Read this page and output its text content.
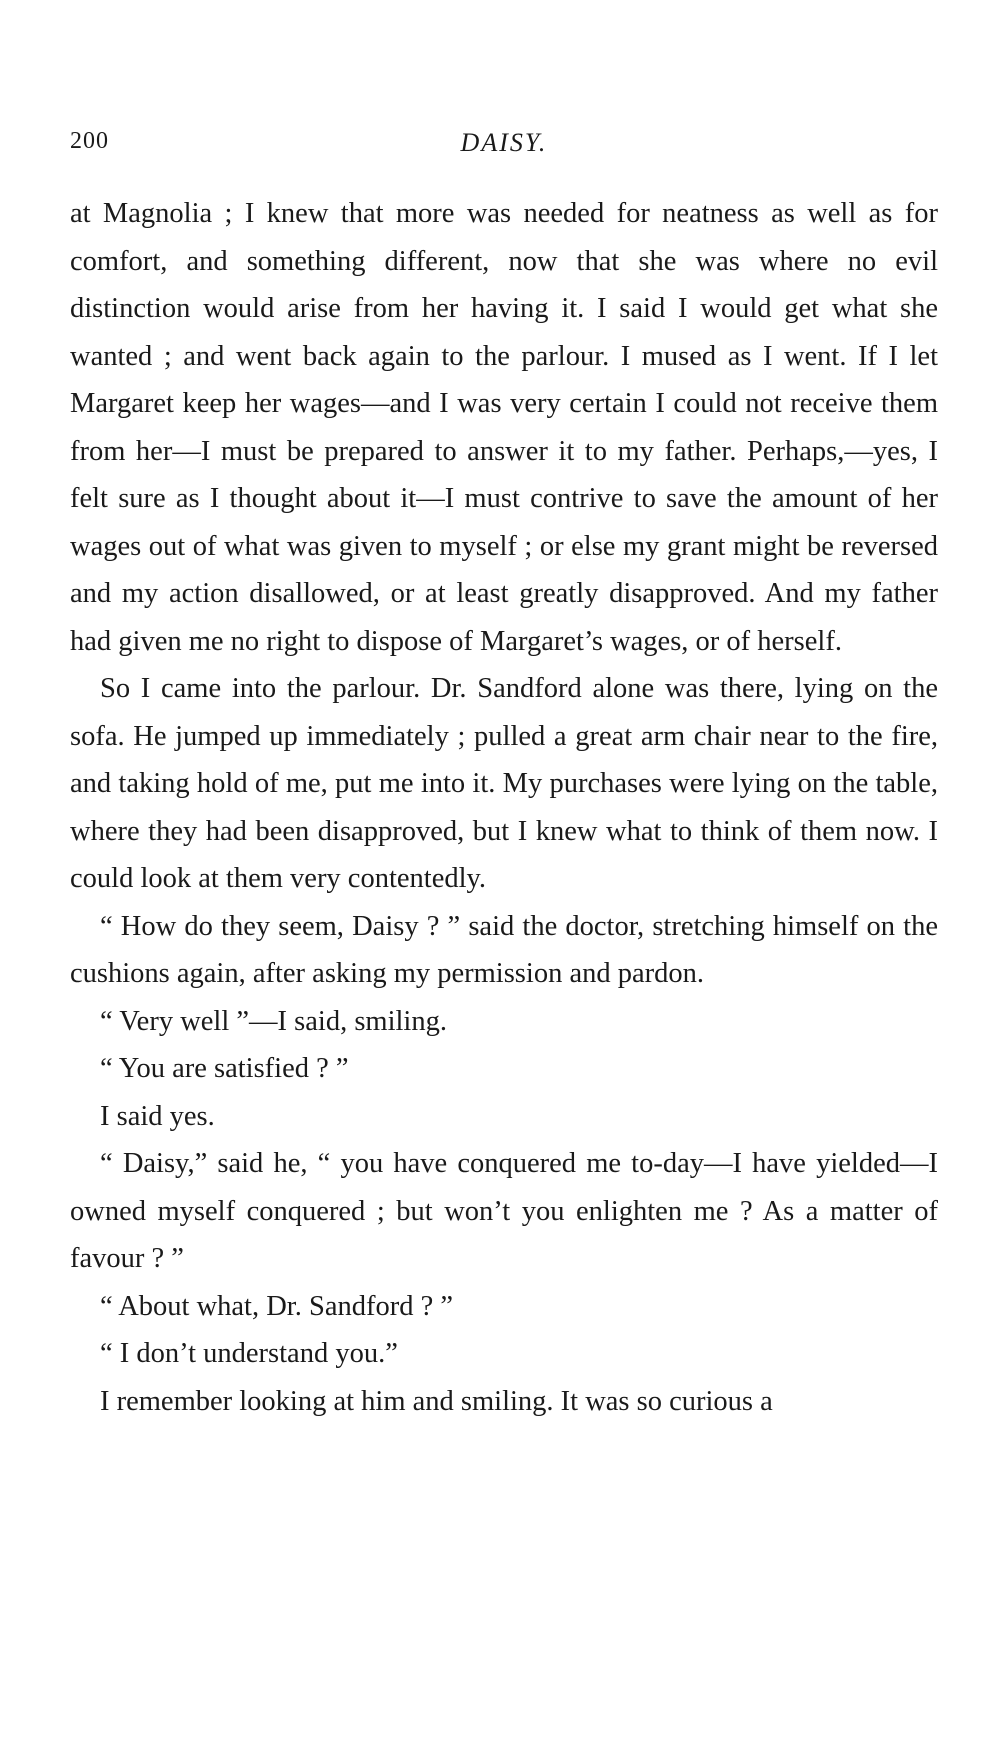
200	DAISY.

at Magnolia ; I knew that more was needed for neatness as well as for comfort, and something different, now that she was where no evil distinction would arise from her having it. I said I would get what she wanted ; and went back again to the parlour. I mused as I went. If I let Margaret keep her wages—and I was very certain I could not receive them from her—I must be prepared to answer it to my father. Perhaps,—yes, I felt sure as I thought about it—I must contrive to save the amount of her wages out of what was given to myself ; or else my grant might be reversed and my action disallowed, or at least greatly disapproved. And my father had given me no right to dispose of Margaret’s wages, or of herself.

So I came into the parlour. Dr. Sandford alone was there, lying on the sofa. He jumped up immediately ; pulled a great arm chair near to the fire, and taking hold of me, put me into it. My purchases were lying on the table, where they had been disapproved, but I knew what to think of them now. I could look at them very contentedly.

“ How do they seem, Daisy ? ” said the doctor, stretching himself on the cushions again, after asking my permission and pardon.

“ Very well ”—I said, smiling.

“ You are satisfied ? ”

I said yes.

“ Daisy,” said he, “ you have conquered me to-day—I have yielded—I owned myself conquered ; but won’t you enlighten me ? As a matter of favour ? ”

“ About what, Dr. Sandford ? ”

“ I don’t understand you.”

I remember looking at him and smiling. It was so curious a
